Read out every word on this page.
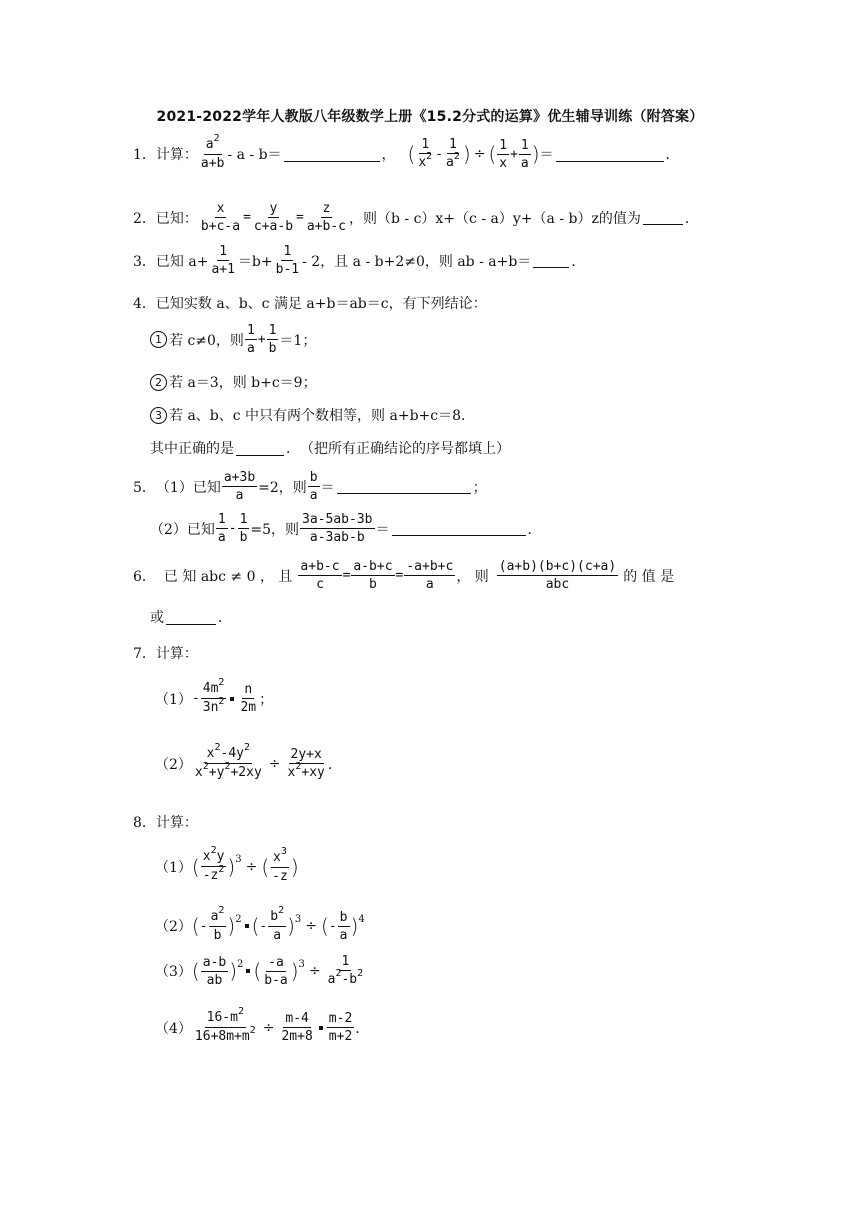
2021-2022学年人教版八年级数学上册《15.2分式的运算》优生辅导训练（附答案）
1． 计算： $\frac{a^2}{a+b} - a - b=$	， ( $\frac{1}{x^2} - \frac{1}{a^2}$ ) ÷ ( $\frac{1}{x} + \frac{1}{a}$ ) ＝	．
2． 已知： $\frac{x}{b+c-a} = \frac{y}{c+a-b} = \frac{z}{a+b-c}$ ，则（b - c）x+（c - a）y+（a - b）z的值为	．
3． 已知 $a+ \frac{1}{a+1} =b+ \frac{1}{b-1} - 2$，且 a - b+2≠0，则 ab - a+b＝	．
4． 已知实数 a、b、c 满足 a+b＝ab＝c，有下列结论：
1 若 c≠0，则 $\frac{1}{a} + \frac{1}{b} =1$；
2 若 a＝3，则 b+c＝9；
3 若 a、b、c 中只有两个数相等，则 a+b+c＝8．
其中正确的是	．　（把所有正确结论的序号都填上）
5． （1）已知 $\frac{a+3b}{a} =2$，则 $\frac{b}{a}$ ＝	；
（2）已知 $\frac{1}{a} - \frac{1}{b} =5$，则 $\frac{3a-5ab-3b}{a-3ab-b}$ ＝	．
6． 已 知 abc ≠ 0 ， 且 $\frac{a+b-c}{c} = \frac{a-b+c}{b} = \frac{-a+b+c}{a}$ ， 则 $\frac{(a+b)(b+c)(c+a)}{\text{abc}}$ 的 值 是
或	．
7． 计算：
$(1) - \frac{4m^2}{3n^2} \frac{n}{2m}$ ；
$(2) \frac{x^2-4y^2}{x^2+y^2+2xy} \div \frac{2y+x}{x^2+xy}$ ．
8． 计算：
（1） ( $\frac{x^2y}{-z^2}$ ) 3 ÷ ( $\frac{x^3}{-z}$ )
（2） ( - $\frac{a^2}{b}$ ) 2 ( - $\frac{b^2}{a}$ ) 3 ÷ ( - $\frac{b}{a}$ ) 4
（3） ( $\frac{a-b}{ab}$ ) 2 ( $\frac{-a}{b-a}$ ) $3 \div \frac{1}{a^2-b^2}$
$(4) \frac{16-m^2}{16+8m+m^2} \div \frac{m-4}{2m+8} \frac{m-2}{m+2}$ ．
